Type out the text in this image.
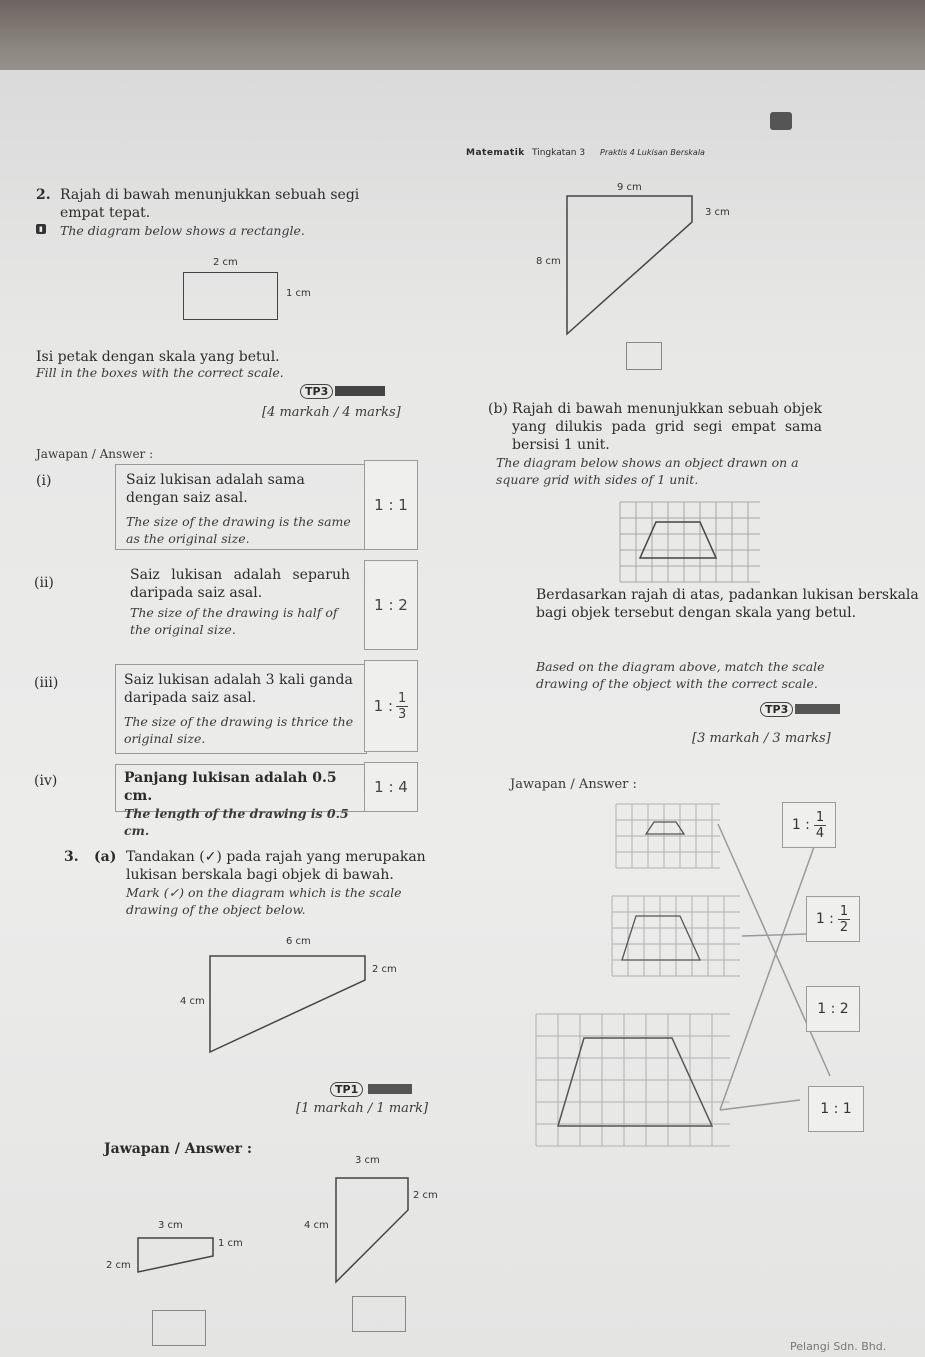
Matematik Tingkatan 3 Praktis 4 Lukisan Berskala
2. Rajah di bawah menunjukkan sebuah segi empat tepat.
▮ The diagram below shows a rectangle.
2 cm
1 cm
Isi petak dengan skala yang betul.
Fill in the boxes with the correct scale.
TP3
[4 markah / 4 marks]
Jawapan / Answer :
(i)	Saiz lukisan adalah sama dengan saiz asal.
The size of the drawing is the same as the original size.
1 : 1
(ii)	Saiz lukisan adalah separuh daripada saiz asal.
The size of the drawing is half of the original size.
1 : 2
(iii)	Saiz lukisan adalah 3 kali ganda daripada saiz asal.
The size of the drawing is thrice the original size.
1 : $\frac{1}{3}$
(iv)	Panjang lukisan adalah 0.5 cm.
The length of the drawing is 0.5 cm.
1 : 4
9 cm
3 cm
8 cm
(b) Rajah di bawah menunjukkan sebuah objek yang dilukis pada grid segi empat sama bersisi 1 unit.
The diagram below shows an object drawn on a square grid with sides of 1 unit.
Berdasarkan rajah di atas, padankan lukisan berskala bagi objek tersebut dengan skala yang betul.
Based on the diagram above, match the scale drawing of the object with the correct scale.
TP3
[3 markah / 3 marks]
Jawapan / Answer :
1 : $\frac{1}{4}$
1 : $\frac{1}{2}$
1 : 2
1 : 1
3. (a) Tandakan (✓) pada rajah yang merupakan lukisan berskala bagi objek di bawah.
Mark (✓) on the diagram which is the scale drawing of the object below.
6 cm
2 cm
4 cm
TP1
[1 markah / 1 mark]
Jawapan / Answer :
3 cm
1 cm
2 cm
3 cm
2 cm
4 cm
Pelangi Sdn. Bhd.
